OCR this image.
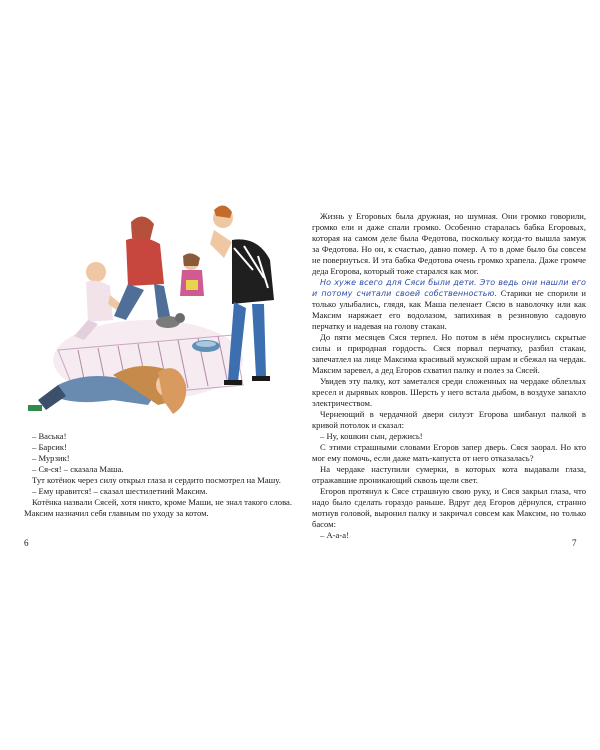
– Васька!

– Барсик!

– Мурзик!

– Ся-ся! – сказала Маша.

Тут котёнок через силу открыл глаза и сердито посмотрел на Машу.

– Ему нравится! – сказал шестилетний Максим.

Котёнка назвали Сясей, хотя никто, кроме Маши, не знал такого слова. Максим назначил себя главным по уходу за котом.

6

Жизнь у Егоровых была дружная, но шумная. Они громко говорили, громко ели и даже спали громко. Особенно старалась бабка Егоровых, которая на самом деле была Федотова, поскольку когда-то вышла замуж за Федотова. Но он, к счастью, давно помер. А то в доме было бы совсем не повернуться. И эта бабка Федотова очень громко храпела. Даже громче деда Егорова, который тоже старался как мог.

Но хуже всего для Сяси были дети. Это ведь они нашли его и потому считали своей собственностью. Старики не спорили и только улыбались, глядя, как Маша пеленает Сясю в наволочку или как Максим наряжает его водолазом, запихивая в резиновую садовую перчатку и надевая на голову стакан.

До пяти месяцев Сяся терпел. Но потом в нём проснулись скрытые силы и природная гордость. Сяся порвал перчатку, разбил стакан, запечатлел на лице Максима красивый мужской шрам и сбежал на чердак. Максим заревел, а дед Егоров схватил палку и полез за Сясей.

Увидев эту палку, кот заметался среди сложенных на чердаке облезлых кресел и дырявых ковров. Шерсть у него встала дыбом, в воздухе запахло электричеством.

Чернеющий в чердачной двери силуэт Егорова шибанул палкой в кривой потолок и сказал:

– Ну, кошкин сын, держись!

С этими страшными словами Егоров запер дверь. Сяся заорал. Но кто мог ему помочь, если даже мать-капуста от него отказалась?

На чердаке наступили сумерки, в которых кота выдавали глаза, отражавшие проникающий сквозь щели свет.

Егоров протянул к Сясе страшную свою руку, и Сяся закрыл глаза, что надо было сделать гораздо раньше. Вдруг дед Егоров дёрнулся, странно мотнув головой, выронил палку и закричал совсем как Максим, но только басом:

– А-а-а!

7
